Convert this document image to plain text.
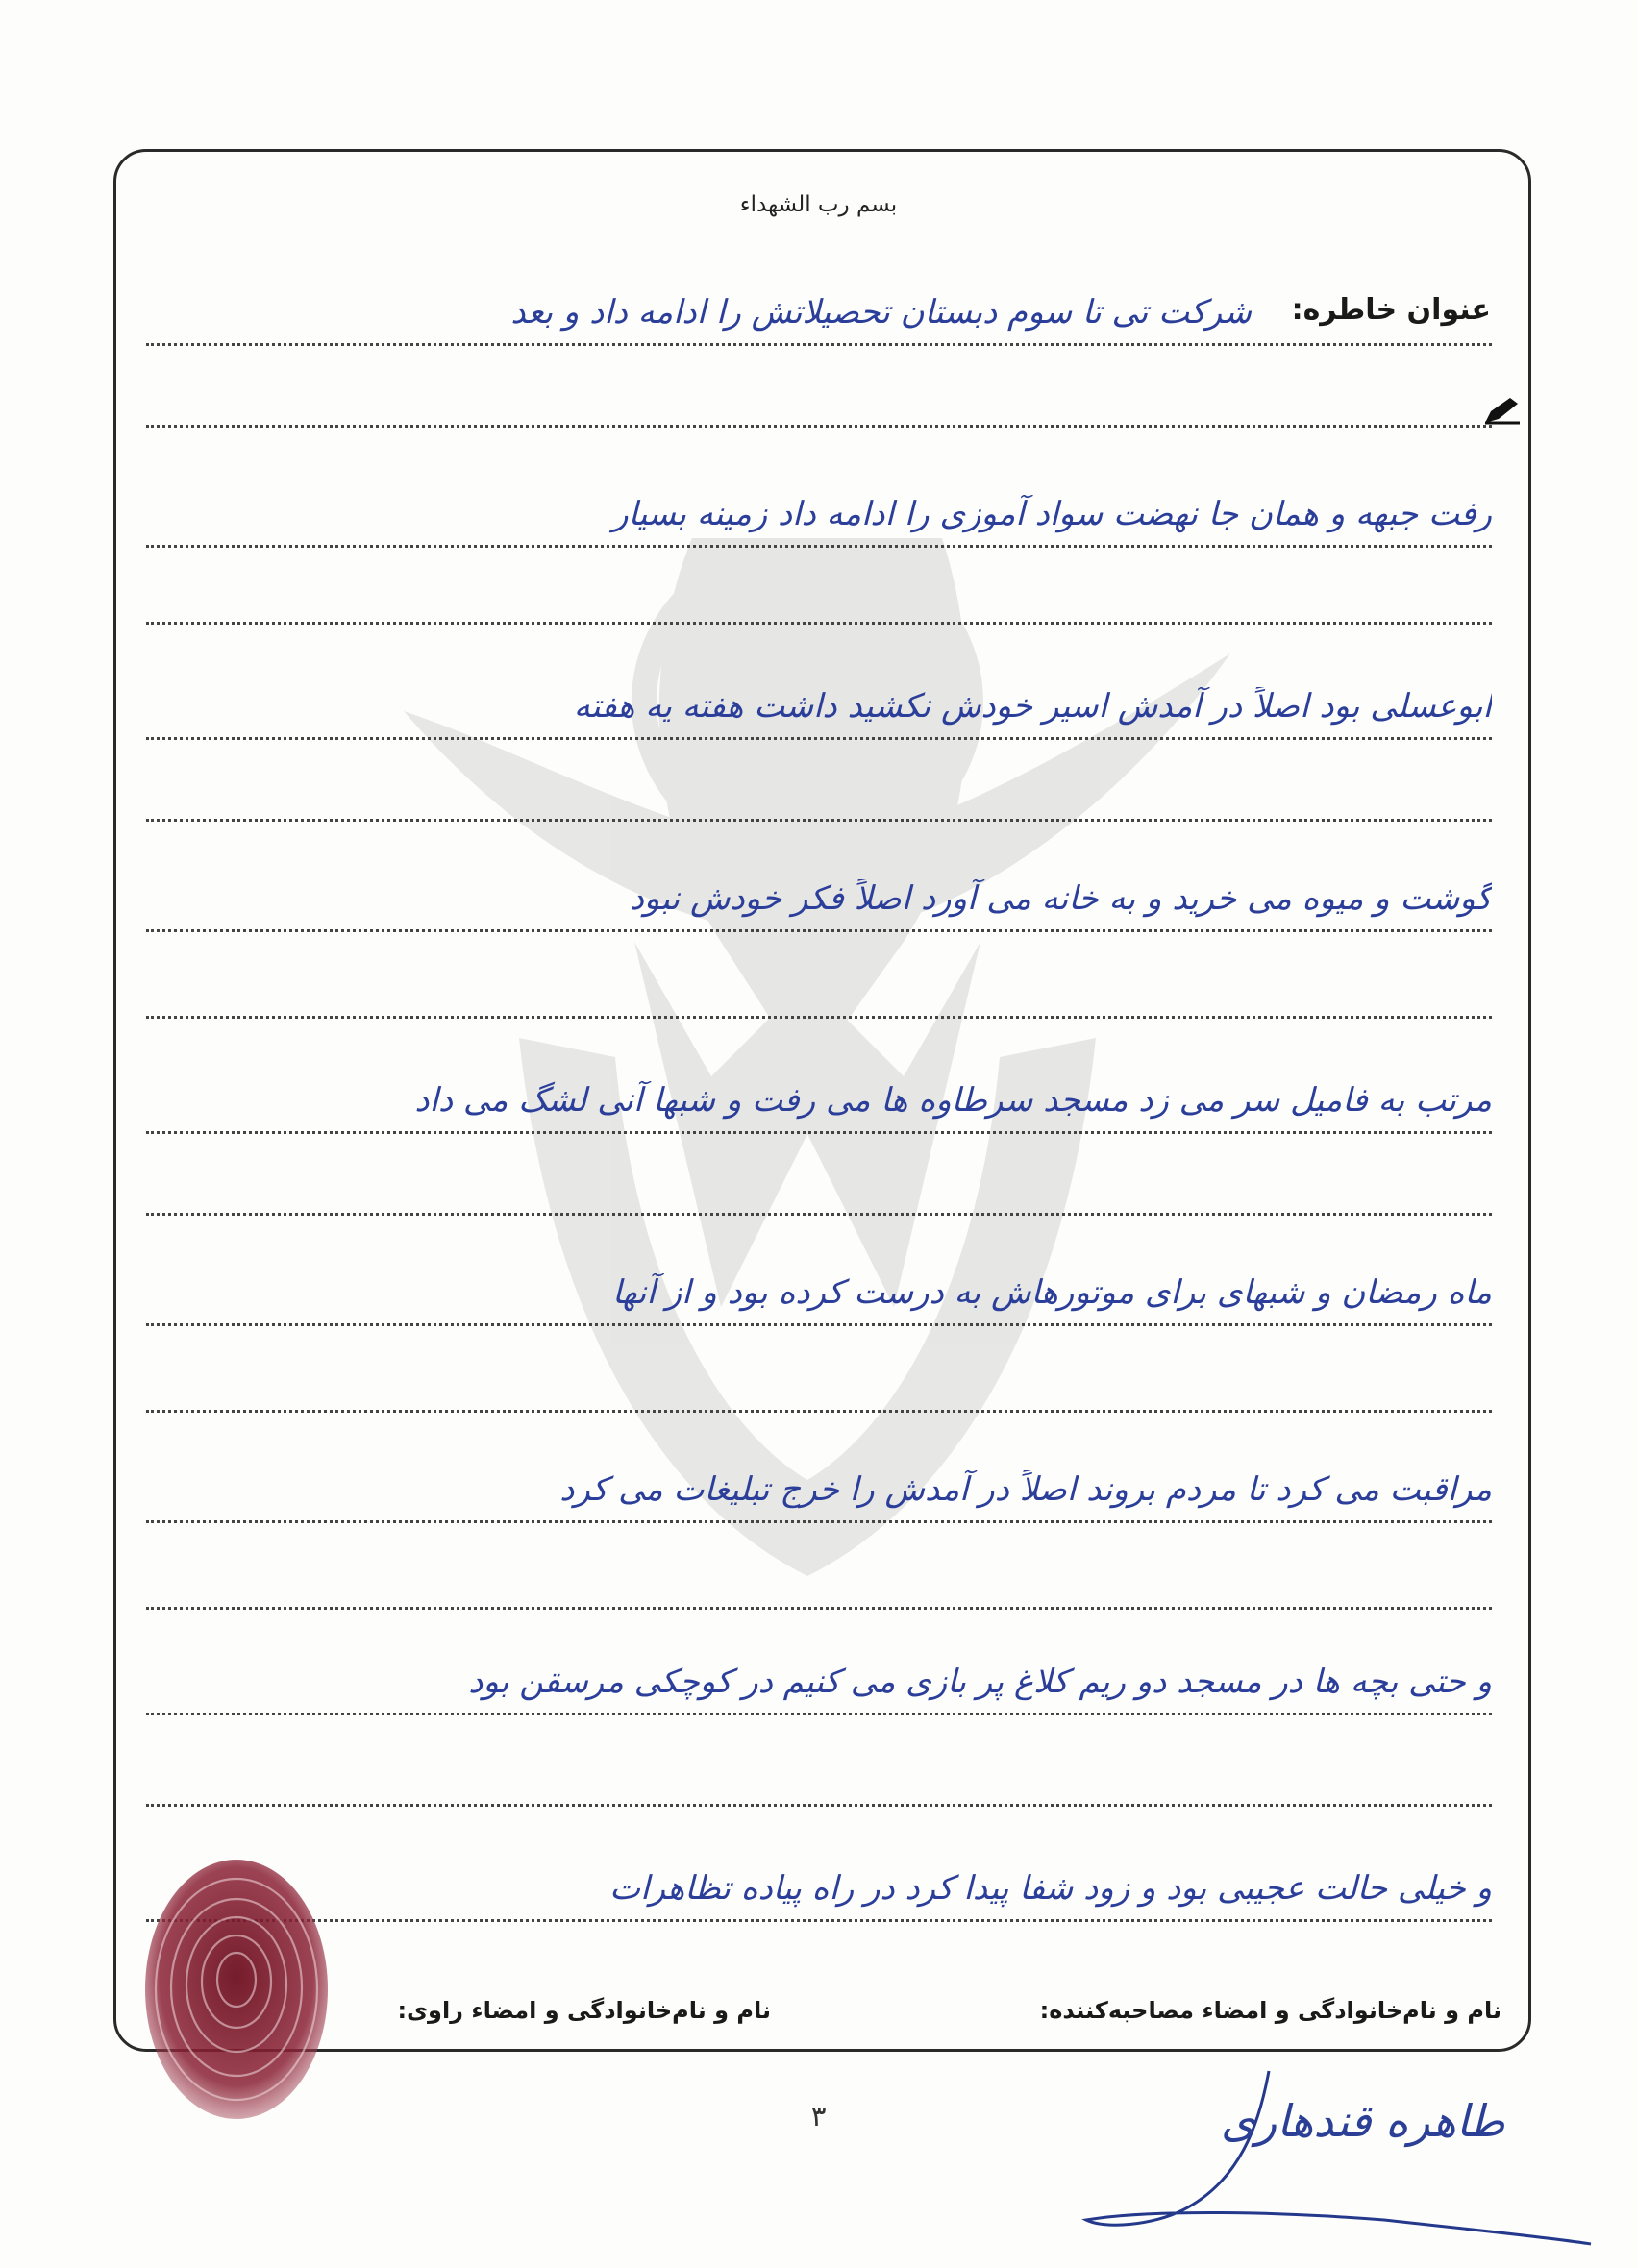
بسم رب الشهداء
عنوان خاطره:
شرکت تی تا سوم دبستان تحصیلاتش را ادامه داد و بعد
رفت جبهه و همان جا نهضت سواد آموزی را ادامه داد زمینه بسیار
ابوعسلی بود اصلاً در آمدش اسیر خودش نکشید داشت هفته یه هفته
گوشت و میوه می خرید و به خانه می آورد اصلاً فکر خودش نبود
مرتب به فامیل سر می زد مسجد سرطاوه ها می رفت و شبها آنی لشگ می داد
ماه رمضان و شبهای برای موتورهاش به درست کرده بود و از آنها
مراقبت می کرد تا مردم بروند اصلاً در آمدش را خرج تبلیغات می کرد
و حتی بچه ها در مسجد دو ریم کلاغ پر بازی می کنیم در کوچکی مرسقن بود
و خیلی حالت عجیبی بود و زود شفا پیدا کرد در راه پیاده تظاهرات
نام و نام‌خانوادگی و امضاء مصاحبه‌کننده:
نام و نام‌خانوادگی و امضاء راوی:
طاهره قندهاری
۳
